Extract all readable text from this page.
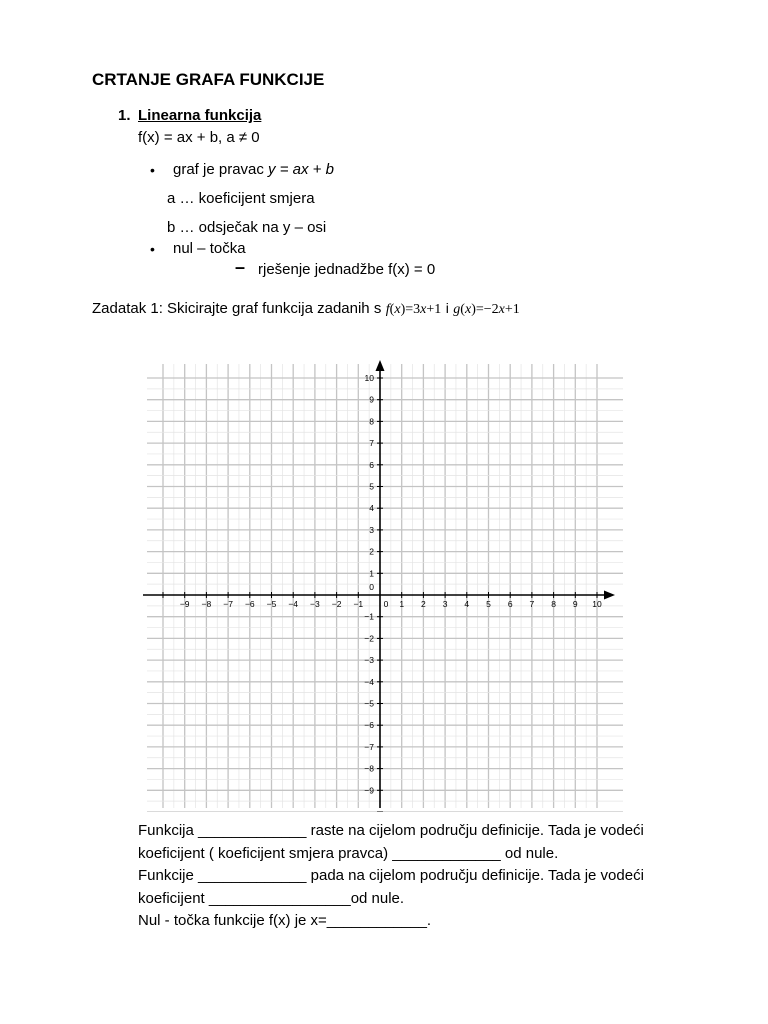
CRTANJE GRAFA FUNKCIJE
1. Linearna funkcija
f(x) = ax + b, a ≠ 0
• graf je pravac y = ax + b
a … koeficijent smjera
b … odsječak na y – osi
• nul – točka
– rješenje jednadžbe f(x) = 0
Zadatak 1: Skicirajte graf funkcija zadanih s f(x)=3x+1 i g(x)=−2x+1
−9 −8 −7 −6 −5 −4 −3 −2 −1 0 1 2 3 4 5 6 7 8 9 10
10
9
8
7
6
5
4
3
2
1
0
−1
−2
−3
−4
−5
−6
−7
−8
−9
Funkcija _____________ raste na cijelom području definicije. Tada je vodeći
koeficijent ( koeficijent smjera pravca) _____________ od nule.
Funkcije _____________ pada na cijelom području definicije. Tada je vodeći
koeficijent _________________od nule.
Nul - točka funkcije f(x) je x=____________.
